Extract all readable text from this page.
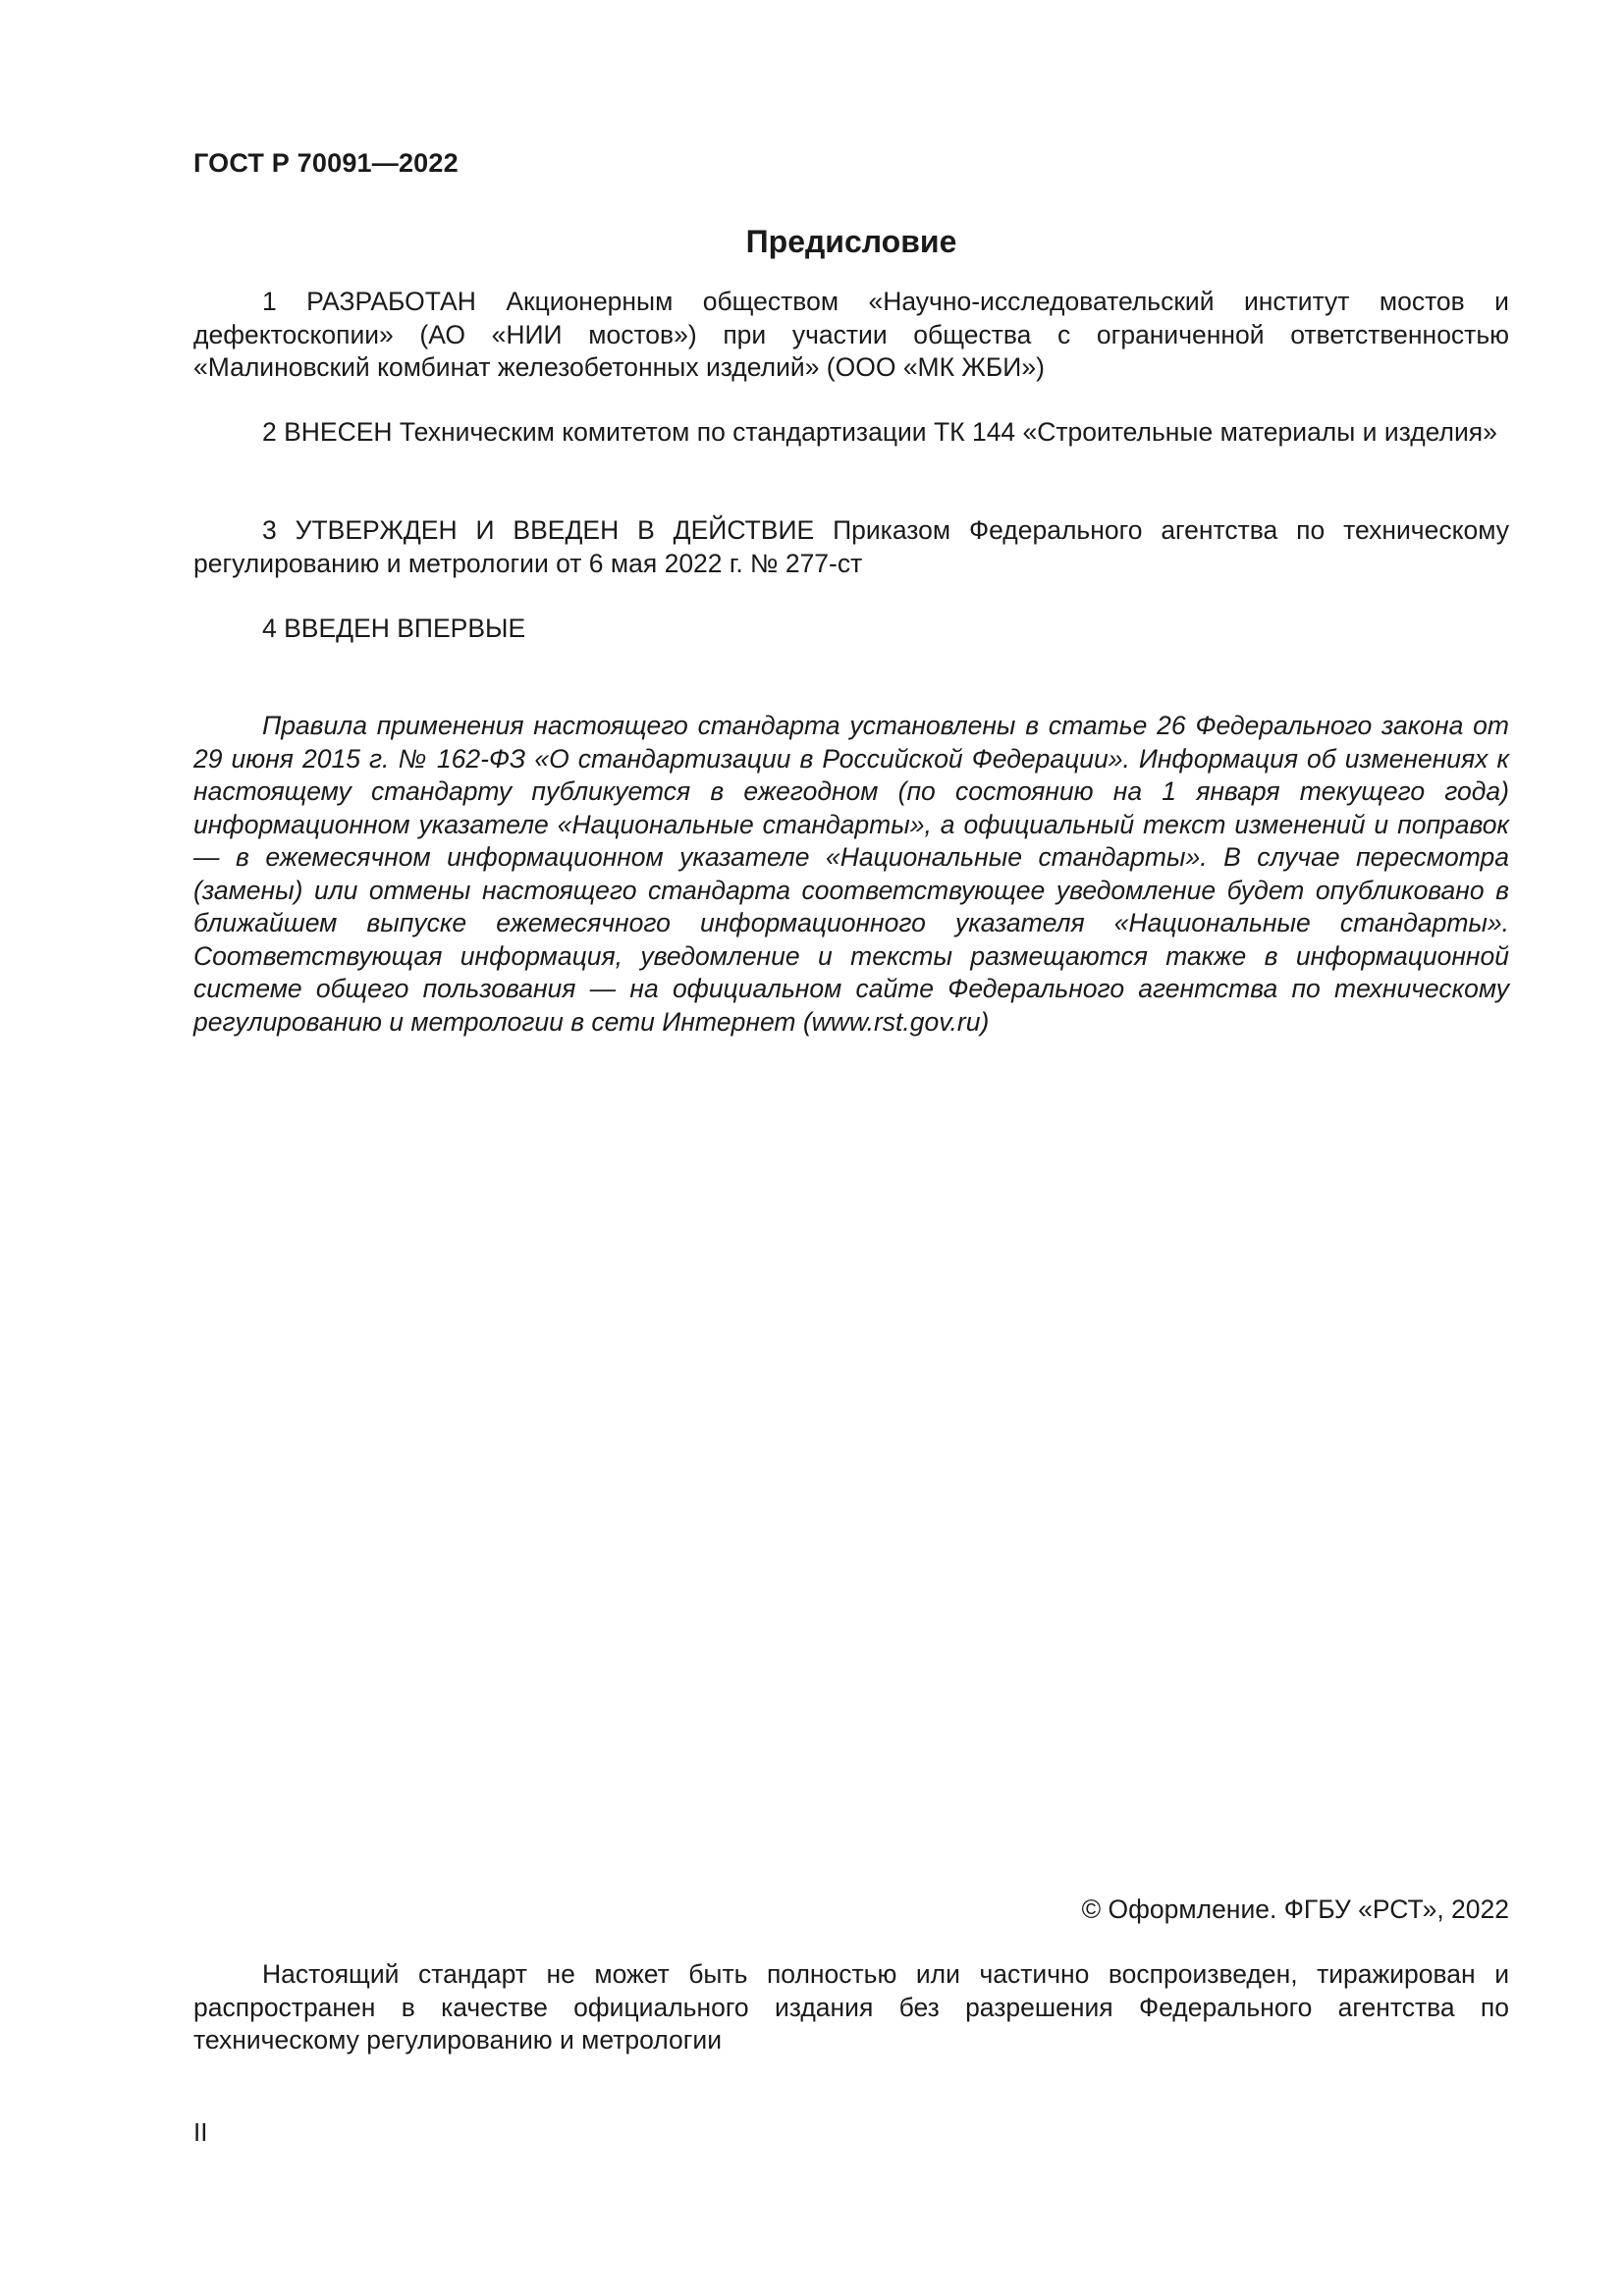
ГОСТ Р 70091—2022
Предисловие

1 РАЗРАБОТАН Акционерным обществом «Научно-исследовательский институт мостов и дефектоскопии» (АО «НИИ мостов») при участии общества с ограниченной ответственностью «Малиновский комбинат железобетонных изделий» (ООО «МК ЖБИ»)

2 ВНЕСЕН Техническим комитетом по стандартизации ТК 144 «Строительные материалы и изделия»

3 УТВЕРЖДЕН И ВВЕДЕН В ДЕЙСТВИЕ Приказом Федерального агентства по техническому регулированию и метрологии от 6 мая 2022 г. № 277-ст

4 ВВЕДЕН ВПЕРВЫЕ

Правила применения настоящего стандарта установлены в статье 26 Федерального закона от 29 июня 2015 г. № 162-ФЗ «О стандартизации в Российской Федерации». Информация об изменениях к настоящему стандарту публикуется в ежегодном (по состоянию на 1 января текущего года) информационном указателе «Национальные стандарты», а официальный текст изменений и поправок — в ежемесячном информационном указателе «Национальные стандарты». В случае пересмотра (замены) или отмены настоящего стандарта соответствующее уведомление будет опубликовано в ближайшем выпуске ежемесячного информационного указателя «Национальные стандарты». Соответствующая информация, уведомление и тексты размещаются также в информационной системе общего пользования — на официальном сайте Федерального агентства по техническому регулированию и метрологии в сети Интернет (www.rst.gov.ru)

© Оформление. ФГБУ «РСТ», 2022

Настоящий стандарт не может быть полностью или частично воспроизведен, тиражирован и распространен в качестве официального издания без разрешения Федерального агентства по техническому регулированию и метрологии

II
